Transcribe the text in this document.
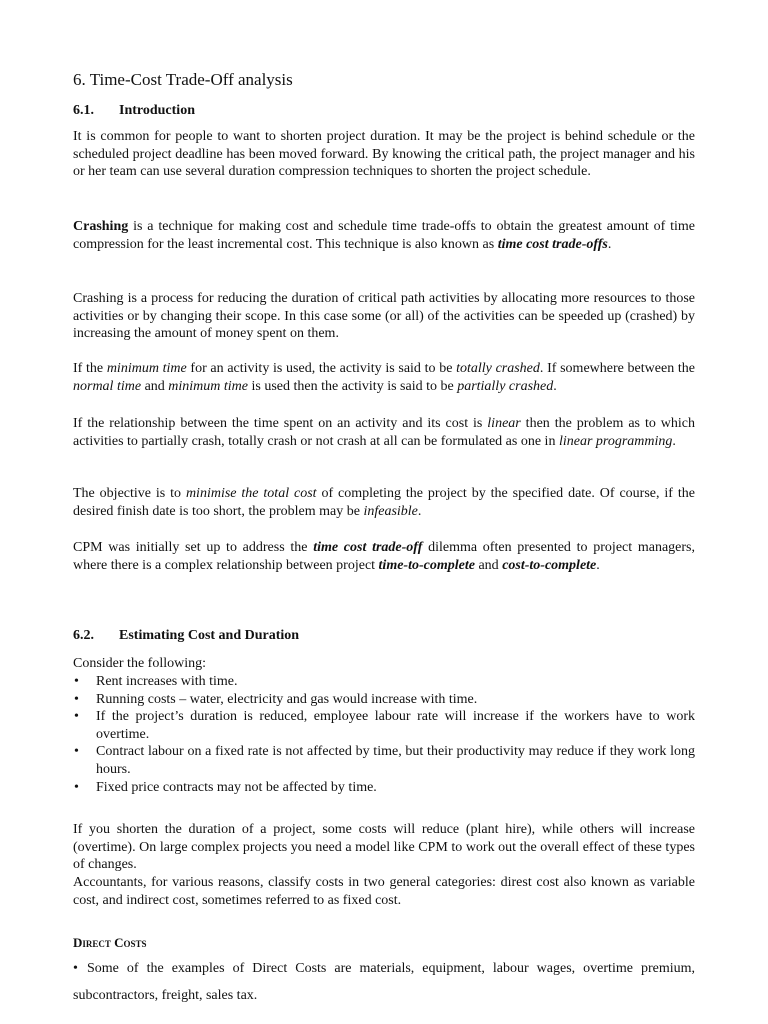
6. Time-Cost Trade-Off analysis
6.1. Introduction

It is common for people to want to shorten project duration. It may be the project is behind schedule or the scheduled project deadline has been moved forward. By knowing the critical path, the project manager and his or her team can use several duration compression techniques to shorten the project schedule.

Crashing is a technique for making cost and schedule time trade-offs to obtain the greatest amount of time compression for the least incremental cost. This technique is also known as time cost trade-offs.

Crashing is a process for reducing the duration of critical path activities by allocating more resources to those activities or by changing their scope. In this case some (or all) of the activities can be speeded up (crashed) by increasing the amount of money spent on them.

If the minimum time for an activity is used, the activity is said to be totally crashed. If somewhere between the normal time and minimum time is used then the activity is said to be partially crashed.

If the relationship between the time spent on an activity and its cost is linear then the problem as to which activities to partially crash, totally crash or not crash at all can be formulated as one in linear programming.

The objective is to minimise the total cost of completing the project by the specified date. Of course, if the desired finish date is too short, the problem may be infeasible.

CPM was initially set up to address the time cost trade-off dilemma often presented to project managers, where there is a complex relationship between project time-to-complete and cost-to-complete.

6.2. Estimating Cost and Duration

Consider the following:

• Rent increases with time.
• Running costs – water, electricity and gas would increase with time.
• If the project’s duration is reduced, employee labour rate will increase if the workers have to work overtime.
• Contract labour on a fixed rate is not affected by time, but their productivity may reduce if they work long hours.
• Fixed price contracts may not be affected by time.

If you shorten the duration of a project, some costs will reduce (plant hire), while others will increase (overtime). On large complex projects you need a model like CPM to work out the overall effect of these types of changes.

Accountants, for various reasons, classify costs in two general categories: direst cost also known as variable cost, and indirect cost, sometimes referred to as fixed cost.

Direct Costs

• Some of the examples of Direct Costs are materials, equipment, labour wages, overtime premium, subcontractors, freight, sales tax.
